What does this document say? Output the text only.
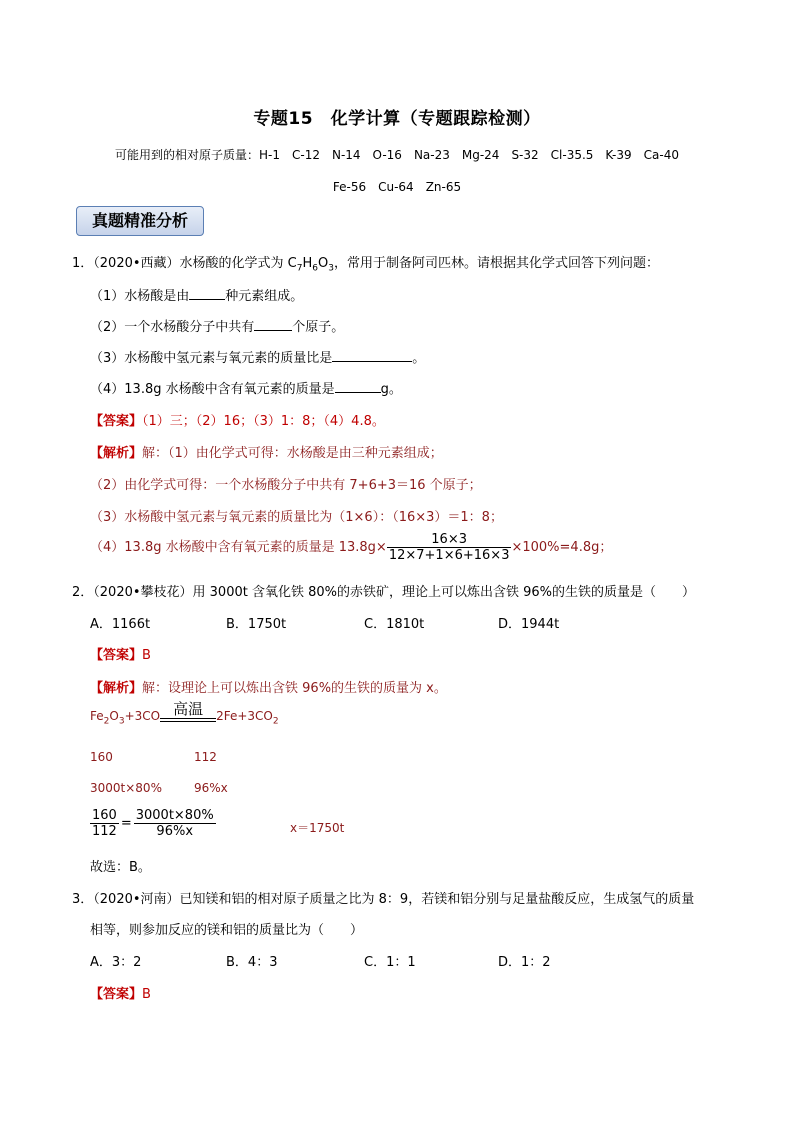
专题15　化学计算（专题跟踪检测）
可能用到的相对原子质量：H-1　C-12　N-14　O-16　Na-23　Mg-24　S-32　Cl-35.5　K-39　Ca-40
Fe-56　Cu-64　Zn-65
真题精准分析
1．（2020•西藏）水杨酸的化学式为 $C_7H_6O_3$，常用于制备阿司匹林。请根据其化学式回答下列问题：
（1）水杨酸是由	种元素组成。
（2）一个水杨酸分子中共有	个原子。
（3）水杨酸中氢元素与氧元素的质量比是	。
（4）13.8g 水杨酸中含有氧元素的质量是	g。
【答案】（1）三；（2）16；（3）1：8；（4）4.8。
【解析】解：（1）由化学式可得：水杨酸是由三种元素组成；
（2）由化学式可得：一个水杨酸分子中共有 7+6+3＝16 个原子；
（3）水杨酸中氢元素与氧元素的质量比为（1×6）：（16×3）＝1：8；
（4）13.8g 水杨酸中含有氧元素的质量是 $13.8g\times \frac{16\times 3}{12\times 7+1\times 6+16\times 3} \times 100\%=4.8g$；
2．（2020•攀枝花）用 3000t 含氧化铁 80%的赤铁矿，理论上可以炼出含铁 96%的生铁的质量是（　　）
A．1166t	B．1750t	C．1810t	D．1944t
【答案】B
【解析】解：设理论上可以炼出含铁 96%的生铁的质量为 x。
$Fe_2O_3+3CO$ 高温	$2Fe+3CO_2$
160	112
3000t×80%	96%x
$\frac{160}{112} = \frac{3000t\times 80\%}{96\%x}$	x＝1750t
故选：B。
3．（2020•河南）已知镁和铝的相对原子质量之比为 8：9，若镁和铝分别与足量盐酸反应，生成氢气的质量
相等，则参加反应的镁和铝的质量比为（　　）
A．3：2	B．4：3	C．1：1	D．1：2
【答案】B
